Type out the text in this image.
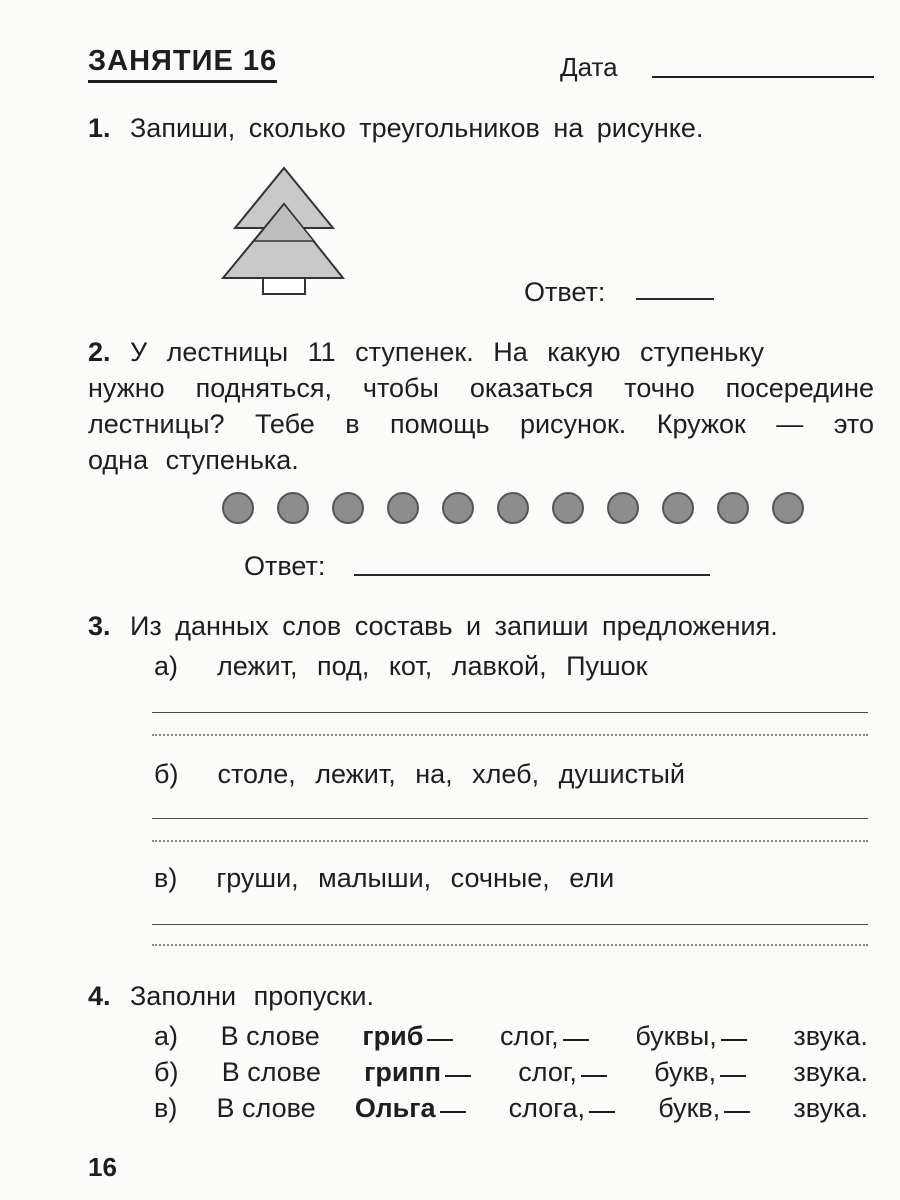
ЗАНЯТИЕ 16	Дата
1. Запиши, сколько треугольников на рисунке.
Ответ:
2. У лестницы 11 ступенек. На какую ступеньку
нужно подняться, чтобы оказаться точно посередине
лестницы? Тебе в помощь рисунок. Кружок — это
одна ступенька.
Ответ:
3. Из данных слов составь и запиши предложения.
а) лежит, под, кот, лавкой, Пушок
б) столе, лежит, на, хлеб, душистый
в) груши, малыши, сочные, ели
4. Заполни пропуски.
а) В слове гриб	слог,	буквы,	звука.
б) В слове грипп	слог,	букв,	звука.
в) В слове Ольга	слога,	букв,	звука.
16
